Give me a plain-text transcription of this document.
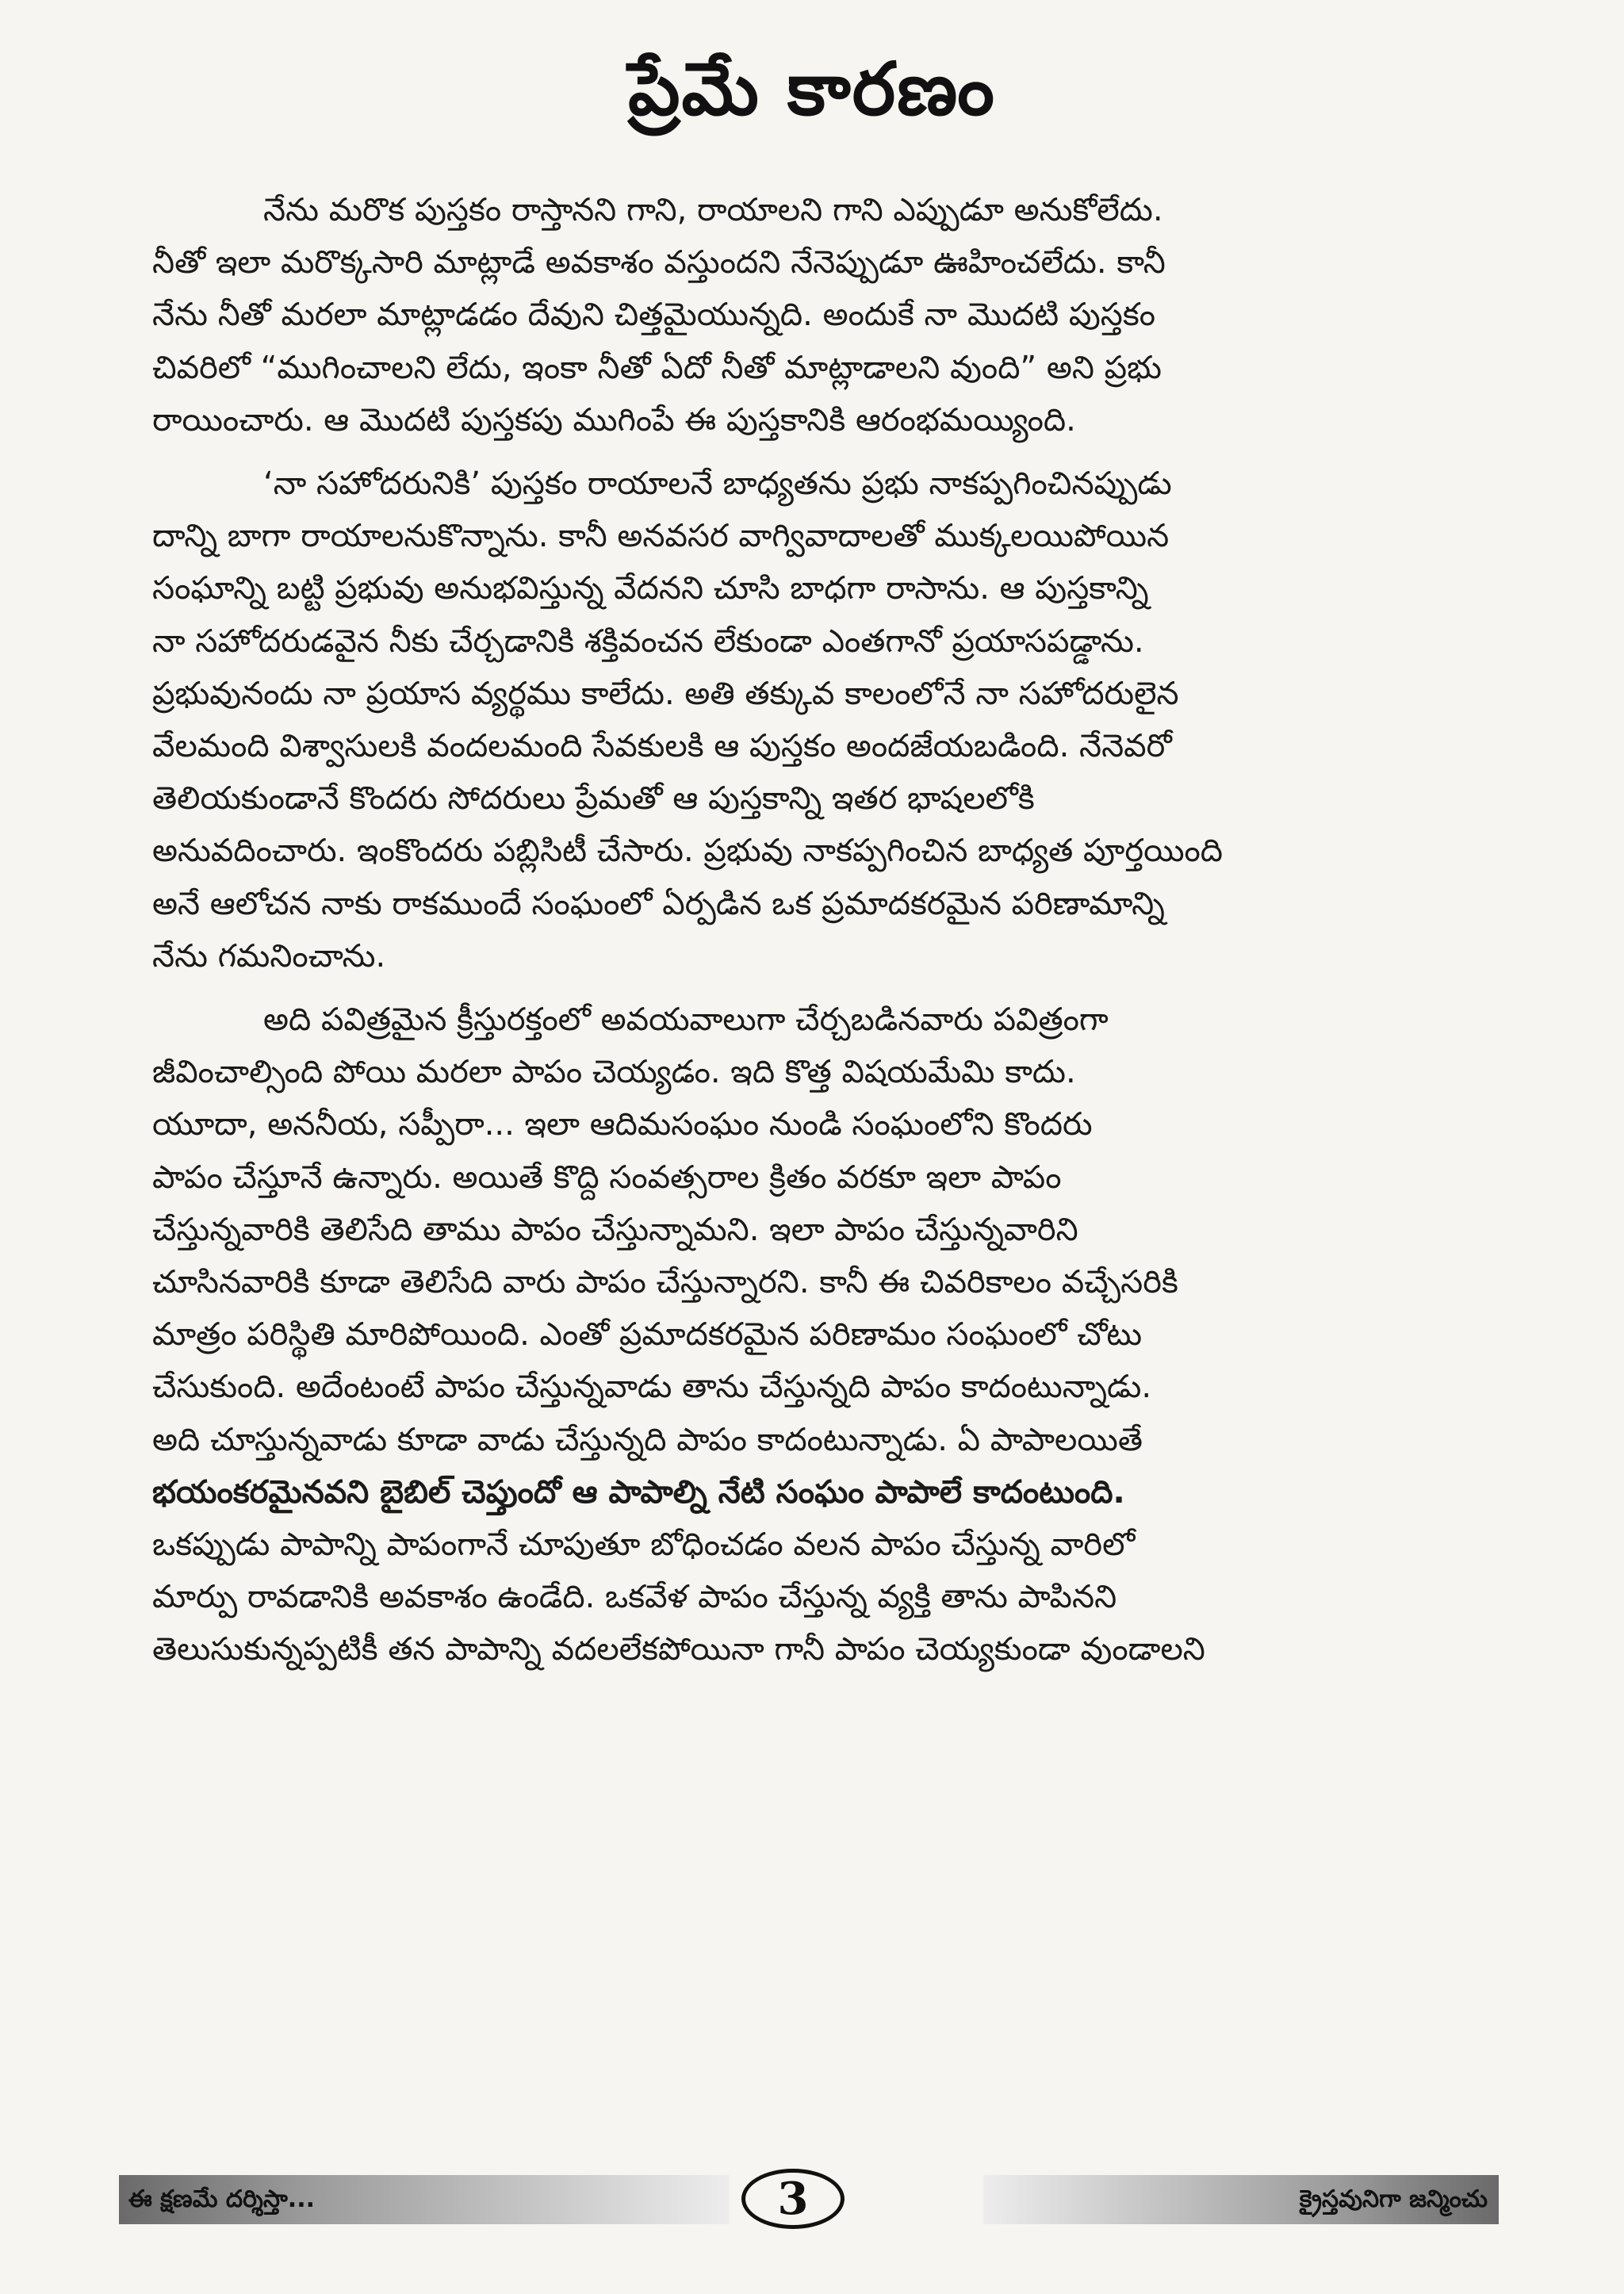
ప్రేమే కారణం

నేను మరొక పుస్తకం రాస్తానని గాని, రాయాలని గాని ఎప్పుడూ అనుకోలేదు.
నీతో ఇలా మరొక్కసారి మాట్లాడే అవకాశం వస్తుందని నేనెప్పుడూ ఊహించలేదు. కానీ
నేను నీతో మరలా మాట్లాడడం దేవుని చిత్తమైయున్నది. అందుకే నా మొదటి పుస్తకం
చివరిలో “ముగించాలని లేదు, ఇంకా నీతో ఏదో నీతో మాట్లాడాలని వుంది” అని ప్రభు
రాయించారు. ఆ మొదటి పుస్తకపు ముగింపే ఈ పుస్తకానికి ఆరంభమయ్యింది.

‘నా సహోదరునికి’ పుస్తకం రాయాలనే బాధ్యతను ప్రభు నాకప్పగించినప్పుడు
దాన్ని బాగా రాయాలనుకొన్నాను. కానీ అనవసర వాగ్వివాదాలతో ముక్కలయిపోయిన
సంఘాన్ని బట్టి ప్రభువు అనుభవిస్తున్న వేదనని చూసి బాధగా రాసాను. ఆ పుస్తకాన్ని
నా సహోదరుడవైన నీకు చేర్చడానికి శక్తివంచన లేకుండా ఎంతగానో ప్రయాసపడ్డాను.
ప్రభువునందు నా ప్రయాస వ్యర్థము కాలేదు. అతి తక్కువ కాలంలోనే నా సహోదరులైన
వేలమంది విశ్వాసులకి వందలమంది సేవకులకి ఆ పుస్తకం అందజేయబడింది. నేనెవరో
తెలియకుండానే కొందరు సోదరులు ప్రేమతో ఆ పుస్తకాన్ని ఇతర భాషలలోకి
అనువదించారు. ఇంకొందరు పబ్లిసిటీ చేసారు. ప్రభువు నాకప్పగించిన బాధ్యత పూర్తయింది
అనే ఆలోచన నాకు రాకముందే సంఘంలో ఏర్పడిన ఒక ప్రమాదకరమైన పరిణామాన్ని
నేను గమనించాను.

అది పవిత్రమైన క్రీస్తురక్తంలో అవయవాలుగా చేర్చబడినవారు పవిత్రంగా
జీవించాల్సింది పోయి మరలా పాపం చెయ్యడం. ఇది కొత్త విషయమేమి కాదు.
యూదా, అననీయ, సప్పీరా... ఇలా ఆదిమసంఘం నుండి సంఘంలోని కొందరు
పాపం చేస్తూనే ఉన్నారు. అయితే కొద్ది సంవత్సరాల క్రితం వరకూ ఇలా పాపం
చేస్తున్నవారికి తెలిసేది తాము పాపం చేస్తున్నామని. ఇలా పాపం చేస్తున్నవారిని
చూసినవారికి కూడా తెలిసేది వారు పాపం చేస్తున్నారని. కానీ ఈ చివరికాలం వచ్చేసరికి
మాత్రం పరిస్థితి మారిపోయింది. ఎంతో ప్రమాదకరమైన పరిణామం సంఘంలో చోటు
చేసుకుంది. అదేంటంటే పాపం చేస్తున్నవాడు తాను చేస్తున్నది పాపం కాదంటున్నాడు.
అది చూస్తున్నవాడు కూడా వాడు చేస్తున్నది పాపం కాదంటున్నాడు. ఏ పాపాలయితే
భయంకరమైనవని బైబిల్ చెప్తుందో ఆ పాపాల్ని నేటి సంఘం పాపాలే కాదంటుంది.
ఒకప్పుడు పాపాన్ని పాపంగానే చూపుతూ బోధించడం వలన పాపం చేస్తున్న వారిలో
మార్పు రావడానికి అవకాశం ఉండేది. ఒకవేళ పాపం చేస్తున్న వ్యక్తి తాను పాపినని
తెలుసుకున్నప్పటికీ తన పాపాన్ని వదలలేకపోయినా గానీ పాపం చెయ్యకుండా వుండాలని

ఈ క్షణమే దర్శిస్తా...	3	క్రైస్తవునిగా జన్మించు
